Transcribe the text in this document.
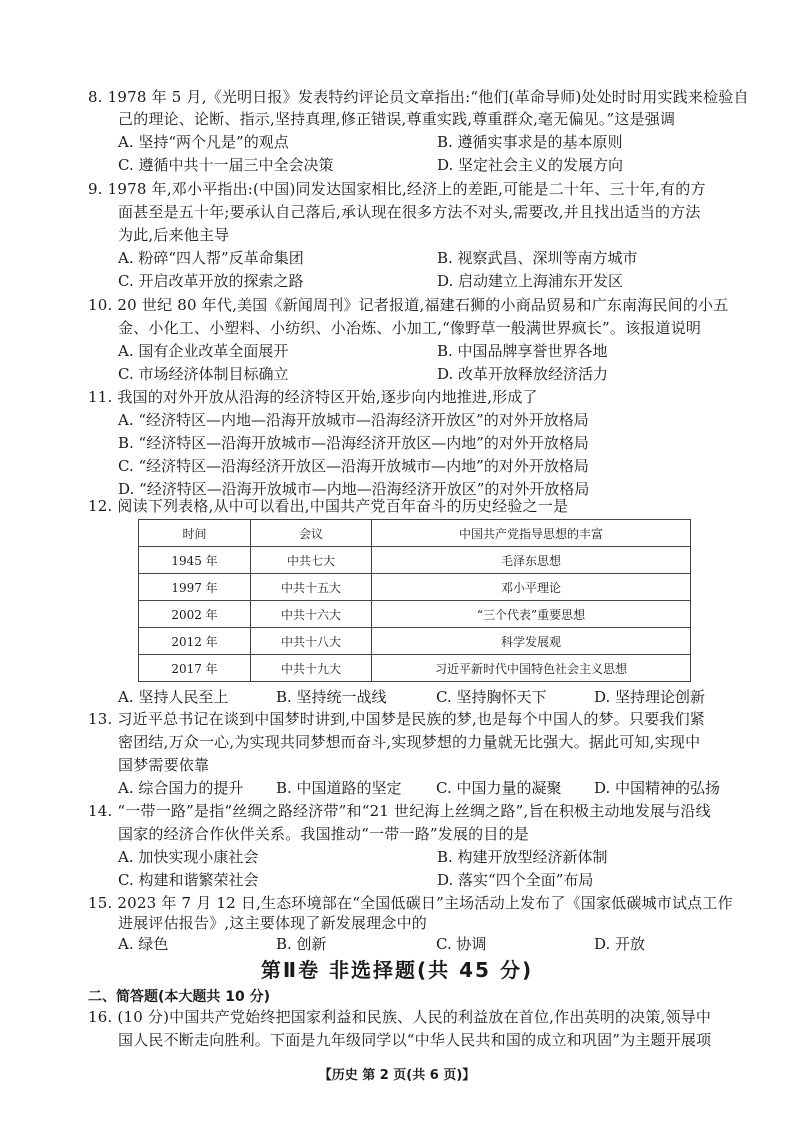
8. 1978 年 5 月,《光明日报》发表特约评论员文章指出:“他们(革命导师)处处时时用实践来检验自
己的理论、论断、指示,坚持真理,修正错误,尊重实践,尊重群众,毫无偏见。”这是强调
A. 坚持“两个凡是”的观点	B. 遵循实事求是的基本原则
C. 遵循中共十一届三中全会决策	D. 坚定社会主义的发展方向
9. 1978 年,邓小平指出:(中国)同发达国家相比,经济上的差距,可能是二十年、三十年,有的方
面甚至是五十年;要承认自己落后,承认现在很多方法不对头,需要改,并且找出适当的方法
为此,后来他主导
A. 粉碎“四人帮”反革命集团	B. 视察武昌、深圳等南方城市
C. 开启改革开放的探索之路	D. 启动建立上海浦东开发区
10. 20 世纪 80 年代,美国《新闻周刊》记者报道,福建石狮的小商品贸易和广东南海民间的小五
金、小化工、小塑料、小纺织、小冶炼、小加工,“像野草一般满世界疯长”。该报道说明
A. 国有企业改革全面展开	B. 中国品牌享誉世界各地
C. 市场经济体制目标确立	D. 改革开放释放经济活力
11. 我国的对外开放从沿海的经济特区开始,逐步向内地推进,形成了
A. “经济特区—内地—沿海开放城市—沿海经济开放区”的对外开放格局
B. “经济特区—沿海开放城市—沿海经济开放区—内地”的对外开放格局
C. “经济特区—沿海经济开放区—沿海开放城市—内地”的对外开放格局
D. “经济特区—沿海开放城市—内地—沿海经济开放区”的对外开放格局
12. 阅读下列表格,从中可以看出,中国共产党百年奋斗的历史经验之一是
时间	会议	中国共产党指导思想的丰富
1945 年	中共七大	毛泽东思想
1997 年	中共十五大	邓小平理论
2002 年	中共十六大	“三个代表”重要思想
2012 年	中共十八大	科学发展观
2017 年	中共十九大	习近平新时代中国特色社会主义思想
A. 坚持人民至上	B. 坚持统一战线	C. 坚持胸怀天下	D. 坚持理论创新
13. 习近平总书记在谈到中国梦时讲到,中国梦是民族的梦,也是每个中国人的梦。只要我们紧
密团结,万众一心,为实现共同梦想而奋斗,实现梦想的力量就无比强大。据此可知,实现中
国梦需要依靠
A. 综合国力的提升 B. 中国道路的坚定 C. 中国力量的凝聚 D. 中国精神的弘扬
14. “一带一路”是指“丝绸之路经济带”和“21 世纪海上丝绸之路”,旨在积极主动地发展与沿线
国家的经济合作伙伴关系。我国推动“一带一路”发展的目的是
A. 加快实现小康社会	B. 构建开放型经济新体制
C. 构建和谐繁荣社会	D. 落实“四个全面”布局
15. 2023 年 7 月 12 日,生态环境部在“全国低碳日”主场活动上发布了《国家低碳城市试点工作
进展评估报告》,这主要体现了新发展理念中的
A. 绿色	B. 创新	C. 协调	D. 开放
第Ⅱ卷 非选择题(共 45 分)
二、简答题(本大题共 10 分)
16. (10 分)中国共产党始终把国家利益和民族、人民的利益放在首位,作出英明的决策,领导中
国人民不断走向胜利。下面是九年级同学以“中华人民共和国的成立和巩固”为主题开展项
【历史 第 2 页(共 6 页)】
